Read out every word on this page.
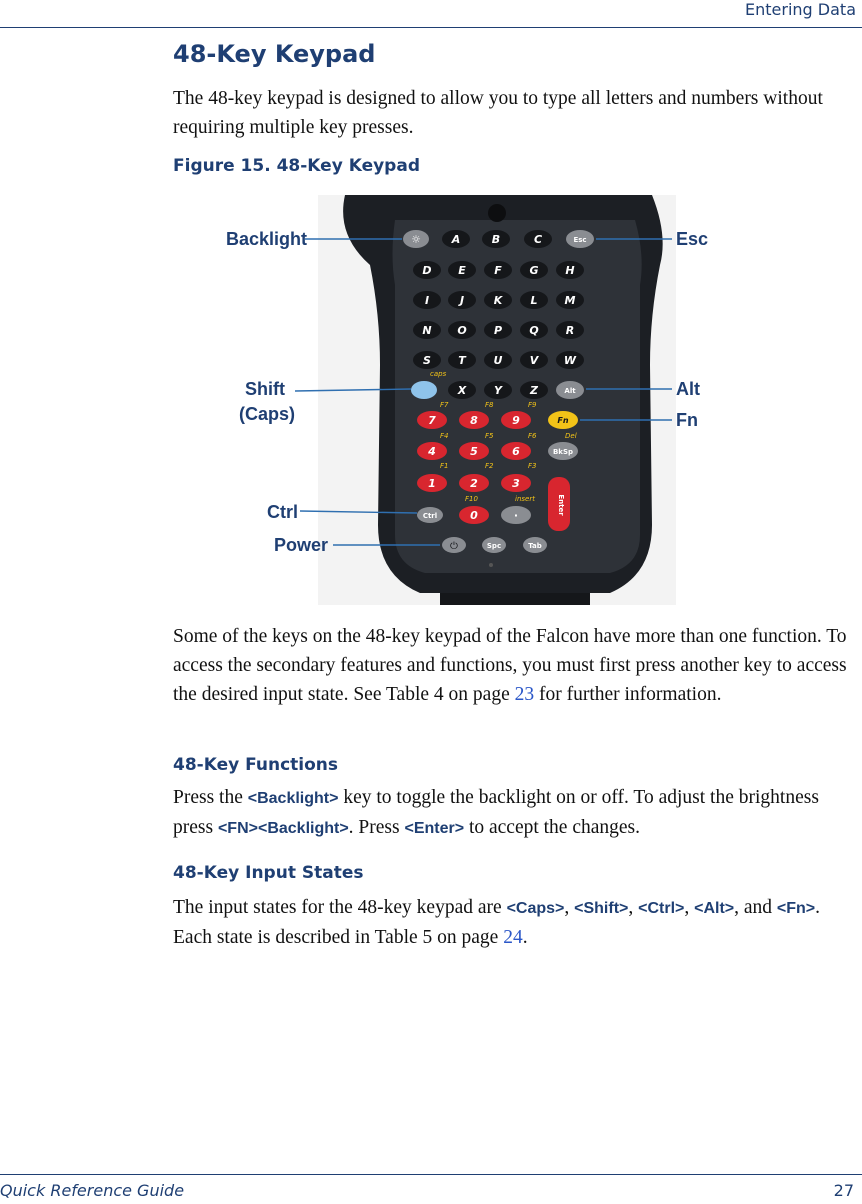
Entering Data
48-Key Keypad
The 48-key keypad is designed to allow you to type all letters and numbers without requiring multiple key presses.
Figure 15. 48-Key Keypad
☼	A	B	C	Esc
D E	F	G H
I	J	K	L M
N O P Q R
S T	U V W
caps
X	Y	Z	Alt
F7	F8	F9
7	8	9	Fn
F4	F5	F6	Del
4	5	6	BkSp
F1	F2	F3
1	2	3
Enter
F10	insert
Ctrl	0	·
⏻	Spc	Tab
Backlight	Esc
Shift
(Caps)
Alt
Fn
Ctrl
Power
Some of the keys on the 48-key keypad of the Falcon have more than one function. To access the secondary features and functions, you must first press another key to access the desired input state. See Table 4 on page 23 for further information.
48-Key Functions
Press the <Backlight> key to toggle the backlight on or off. To adjust the brightness press <FN><Backlight>. Press <Enter> to accept the changes.
48-Key Input States
The input states for the 48-key keypad are <Caps>, <Shift>, <Ctrl>, <Alt>, and <Fn>. Each state is described in Table 5 on page 24.
Quick Reference Guide	27
